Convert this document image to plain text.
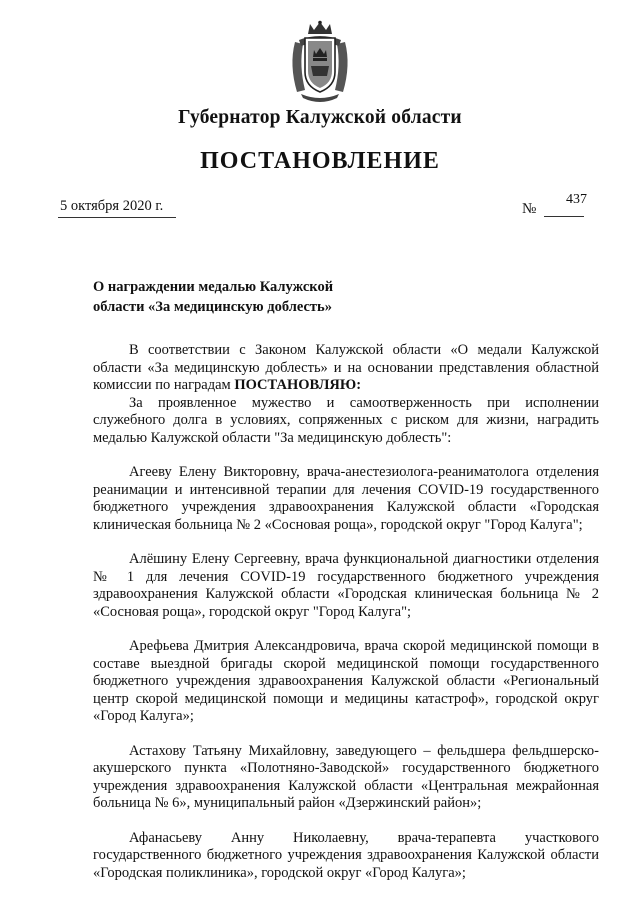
Губернатор Калужской области
ПОСТАНОВЛЕНИЕ
5 октября 2020 г.	№
437
О награждении медалью Калужской области «За медицинскую доблесть»

В соответствии с Законом Калужской области «О медали Калужской области «За медицинскую доблесть» и на основании представления областной комиссии по наградам ПОСТАНОВЛЯЮ:

За проявленное мужество и самоотверженность при исполнении служебного долга в условиях, сопряженных с риском для жизни, наградить медалью Калужской области "За медицинскую доблесть":

Агееву Елену Викторовну, врача-анестезиолога-реаниматолога отделения реанимации и интенсивной терапии для лечения COVID-19 государственного бюджетного учреждения здравоохранения Калужской области «Городская клиническая больница № 2 «Сосновая роща», городской округ "Город Калуга";

Алёшину Елену Сергеевну, врача функциональной диагностики отделения № 1 для лечения COVID-19 государственного бюджетного учреждения здравоохранения Калужской области «Городская клиническая больница № 2 «Сосновая роща», городской округ "Город Калуга";

Арефьева Дмитрия Александровича, врача скорой медицинской помощи в составе выездной бригады скорой медицинской помощи государственного бюджетного учреждения здравоохранения Калужской области «Региональный центр скорой медицинской помощи и медицины катастроф», городской округ «Город Калуга»;

Астахову Татьяну Михайловну, заведующего – фельдшера фельдшерско-акушерского пункта «Полотняно-Заводской» государственного бюджетного учреждения здравоохранения Калужской области «Центральная межрайонная больница № 6», муниципальный район «Дзержинский район»;

Афанасьеву Анну Николаевну, врача-терапевта участкового государственного бюджетного учреждения здравоохранения Калужской области «Городская поликлиника», городской округ «Город Калуга»;
